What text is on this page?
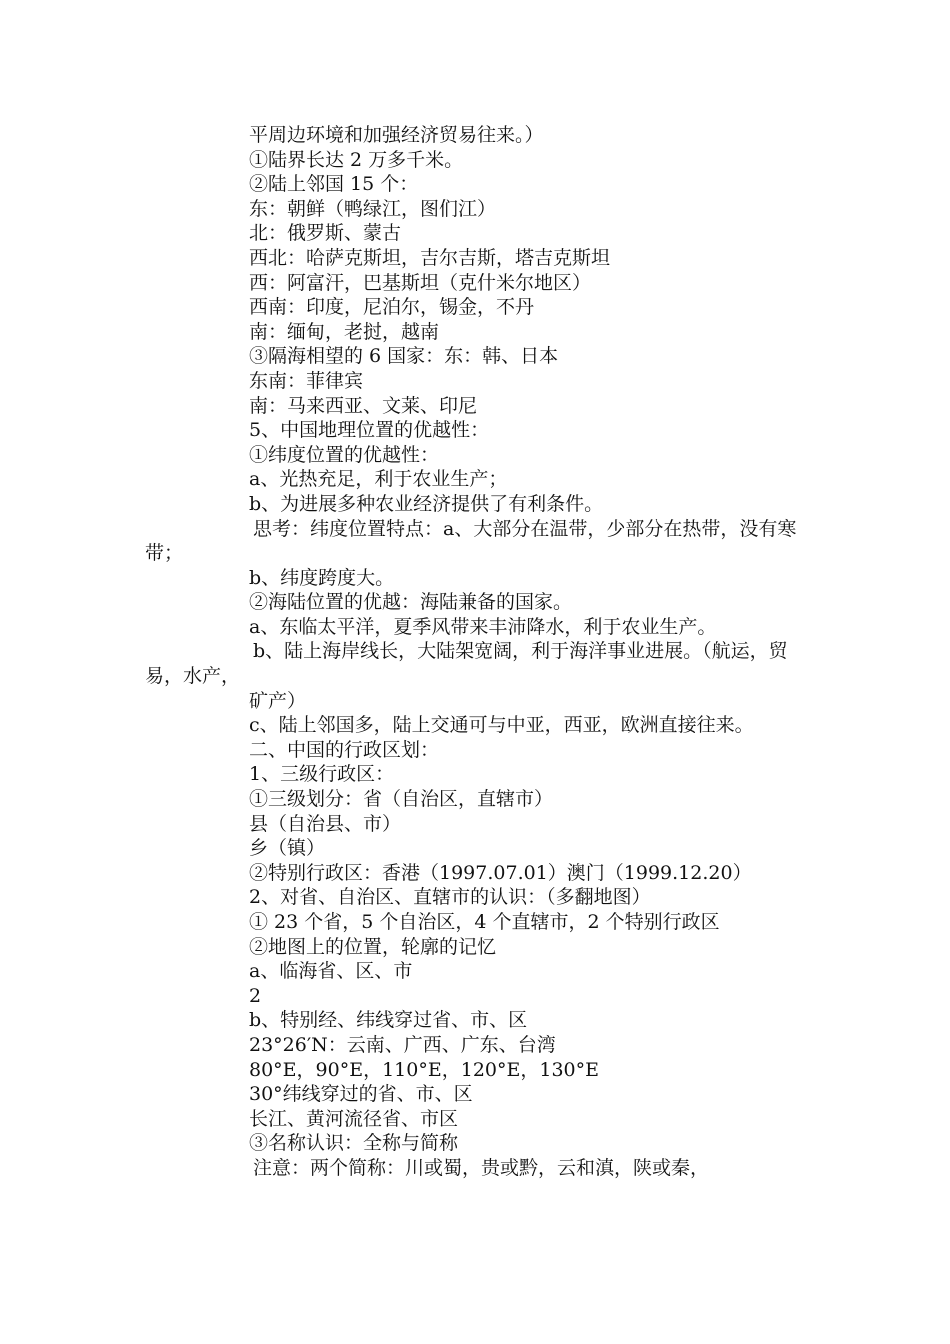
平周边环境和加强经济贸易往来。）
①陆界长达 2 万多千米。
②陆上邻国 15 个：
东：朝鲜（鸭绿江，图们江）
北：俄罗斯、蒙古
西北：哈萨克斯坦，吉尔吉斯，塔吉克斯坦
西：阿富汗，巴基斯坦（克什米尔地区）
西南：印度，尼泊尔，锡金，不丹
南：缅甸，老挝，越南
③隔海相望的 6 国家：东：韩、日本
东南：菲律宾
南：马来西亚、文莱、印尼
5、中国地理位置的优越性：
①纬度位置的优越性：
a、光热充足，利于农业生产；
b、为进展多种农业经济提供了有利条件。
思考：纬度位置特点：a、大部分在温带，少部分在热带，没有寒带；
b、纬度跨度大。
②海陆位置的优越：海陆兼备的国家。
a、东临太平洋，夏季风带来丰沛降水，利于农业生产。
b、陆上海岸线长，大陆架宽阔，利于海洋事业进展。（航运，贸易，水产，
矿产）
c、陆上邻国多，陆上交通可与中亚，西亚，欧洲直接往来。
二、中国的行政区划：
1、三级行政区：
①三级划分：省（自治区，直辖市）
县（自治县、市）
乡（镇）
②特别行政区：香港（1997.07.01）澳门（1999.12.20）
2、对省、自治区、直辖市的认识：（多翻地图）
① 23 个省，5 个自治区，4 个直辖市，2 个特别行政区
②地图上的位置，轮廓的记忆
a、临海省、区、市
2
b、特别经、纬线穿过省、市、区
23°26′N：云南、广西、广东、台湾
80°E，90°E，110°E，120°E，130°E
30°纬线穿过的省、市、区
长江、黄河流径省、市区
③名称认识：全称与简称
注意：两个简称：川或蜀，贵或黔，云和滇，陕或秦，
